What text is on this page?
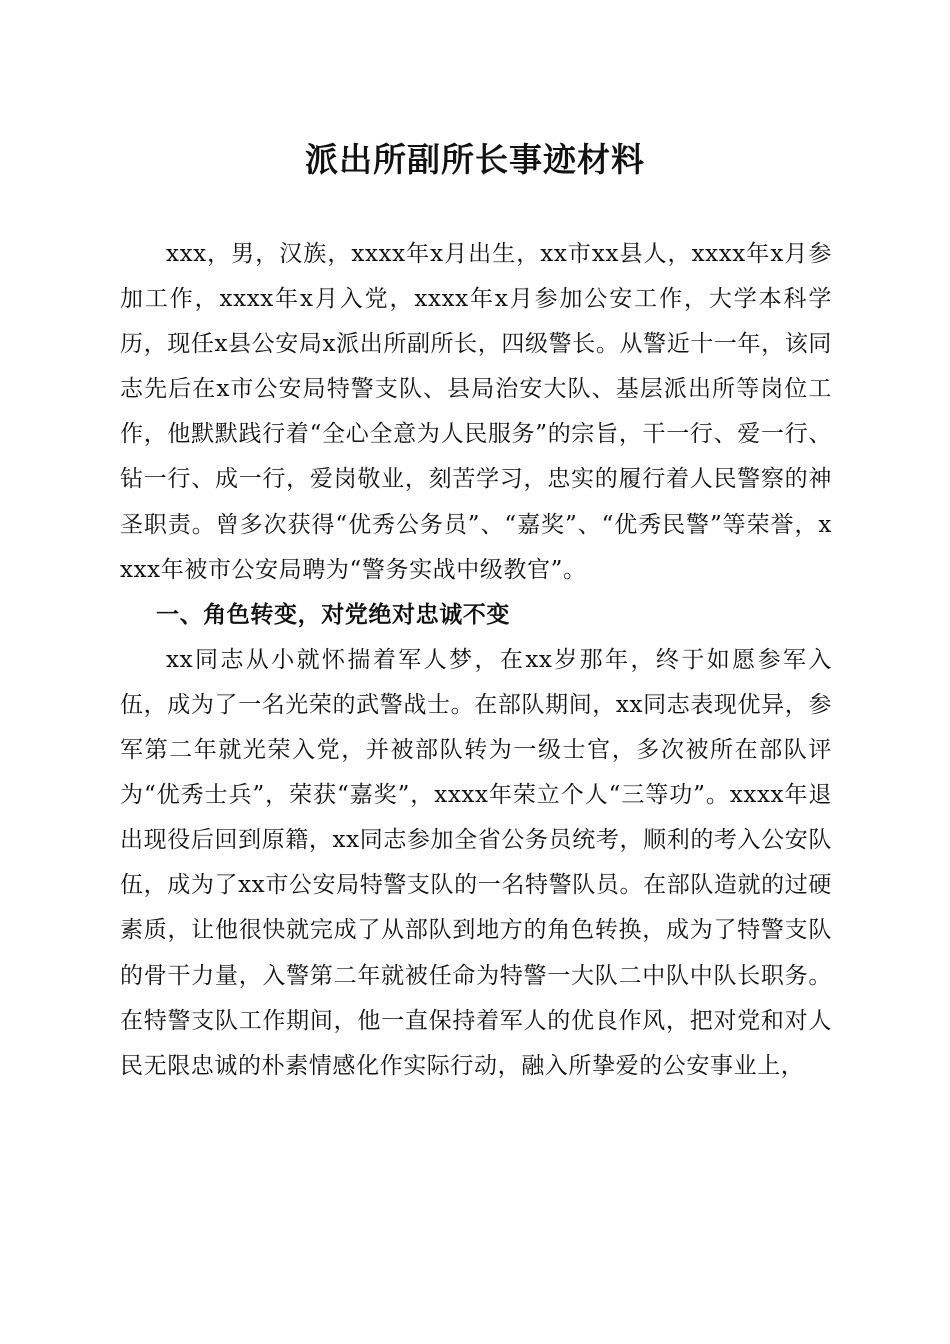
派出所副所长事迹材料

xxx，男，汉族，xxxx年x月出生，xx市xx县人，xxxx年x月参加工作，xxxx年x月入党，xxxx年x月参加公安工作，大学本科学历，现任x县公安局x派出所副所长，四级警长。从警近十一年，该同志先后在x市公安局特警支队、县局治安大队、基层派出所等岗位工作，他默默践行着“全心全意为人民服务”的宗旨，干一行、爱一行、钻一行、成一行，爱岗敬业，刻苦学习，忠实的履行着人民警察的神圣职责。曾多次获得“优秀公务员”、“嘉奖”、“优秀民警”等荣誉，xxxx年被市公安局聘为“警务实战中级教官”。

一、角色转变，对党绝对忠诚不变

xx同志从小就怀揣着军人梦，在xx岁那年，终于如愿参军入伍，成为了一名光荣的武警战士。在部队期间，xx同志表现优异，参军第二年就光荣入党，并被部队转为一级士官，多次被所在部队评为“优秀士兵”，荣获“嘉奖”，xxxx年荣立个人“三等功”。xxxx年退出现役后回到原籍，xx同志参加全省公务员统考，顺利的考入公安队伍，成为了xx市公安局特警支队的一名特警队员。在部队造就的过硬素质，让他很快就完成了从部队到地方的角色转换，成为了特警支队的骨干力量，入警第二年就被任命为特警一大队二中队中队长职务。在特警支队工作期间，他一直保持着军人的优良作风，把对党和对人民无限忠诚的朴素情感化作实际行动，融入所挚爱的公安事业上，
